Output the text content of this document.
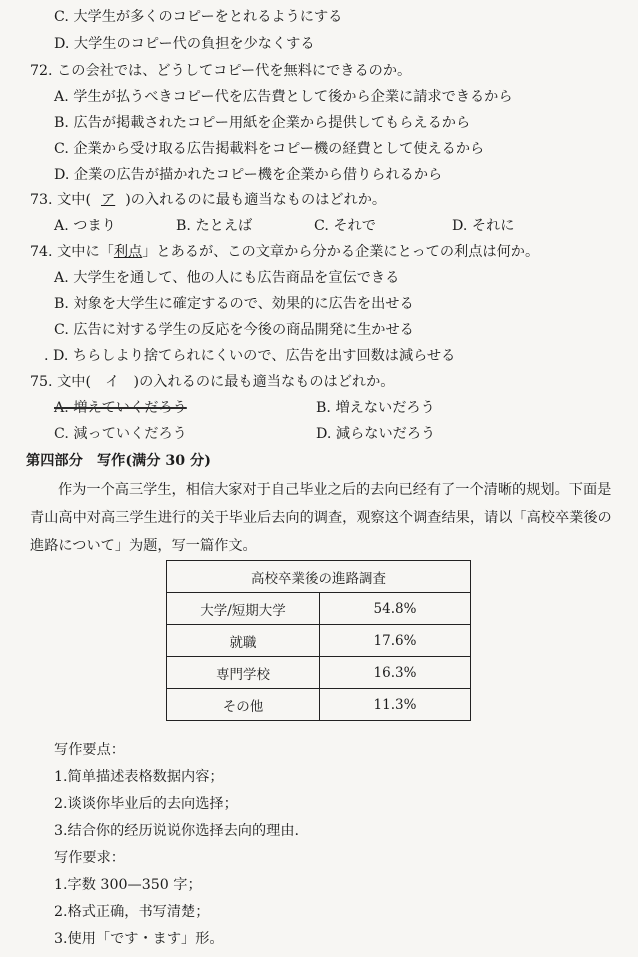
C. 大学生が多くのコピーをとれるようにする
D. 大学生のコピー代の負担を少なくする
72. この会社では、どうしてコピー代を無料にできるのか。
A. 学生が払うべきコピー代を広告費として後から企業に請求できるから
B. 広告が掲載されたコピー用紙を企業から提供してもらえるから
C. 企業から受け取る広告掲載料をコピー機の経費として使えるから
D. 企業の広告が描かれたコピー機を企業から借りられるから
73. 文中( ア )の入れるのに最も適当なものはどれか。
A. つまり	B. たとえば	C. それで	D. それに
74. 文中に「利点」とあるが、この文章から分かる企業にとっての利点は何か。
A. 大学生を通して、他の人にも広告商品を宣伝できる
B. 対象を大学生に確定するので、効果的に広告を出せる
C. 広告に対する学生の反応を今後の商品開発に生かせる
. D. ちらしより捨てられにくいので、広告を出す回数は減らせる
75. 文中(　イ　)の入れるのに最も適当なものはどれか。
A. 増えていくだろう	B. 増えないだろう
C. 減っていくだろう	D. 減らないだろう
第四部分　写作(满分 30 分)
作为一个高三学生，相信大家对于自己毕业之后的去向已经有了一个清晰的规划。下面是青山高中对高三学生进行的关于毕业后去向的调查，观察这个调查结果，请以「高校卒業後の進路について」为题，写一篇作文。
高校卒業後の進路調査	
大学/短期大学	54.8%
就職	17.6%
専門学校	16.3%
その他	11.3%
写作要点：
1.简单描述表格数据内容；
2.谈谈你毕业后的去向选择；
3.结合你的经历说说你选择去向的理由.
写作要求：
1.字数 300—350 字；
2.格式正确，书写清楚；
3.使用「です・ます」形。
